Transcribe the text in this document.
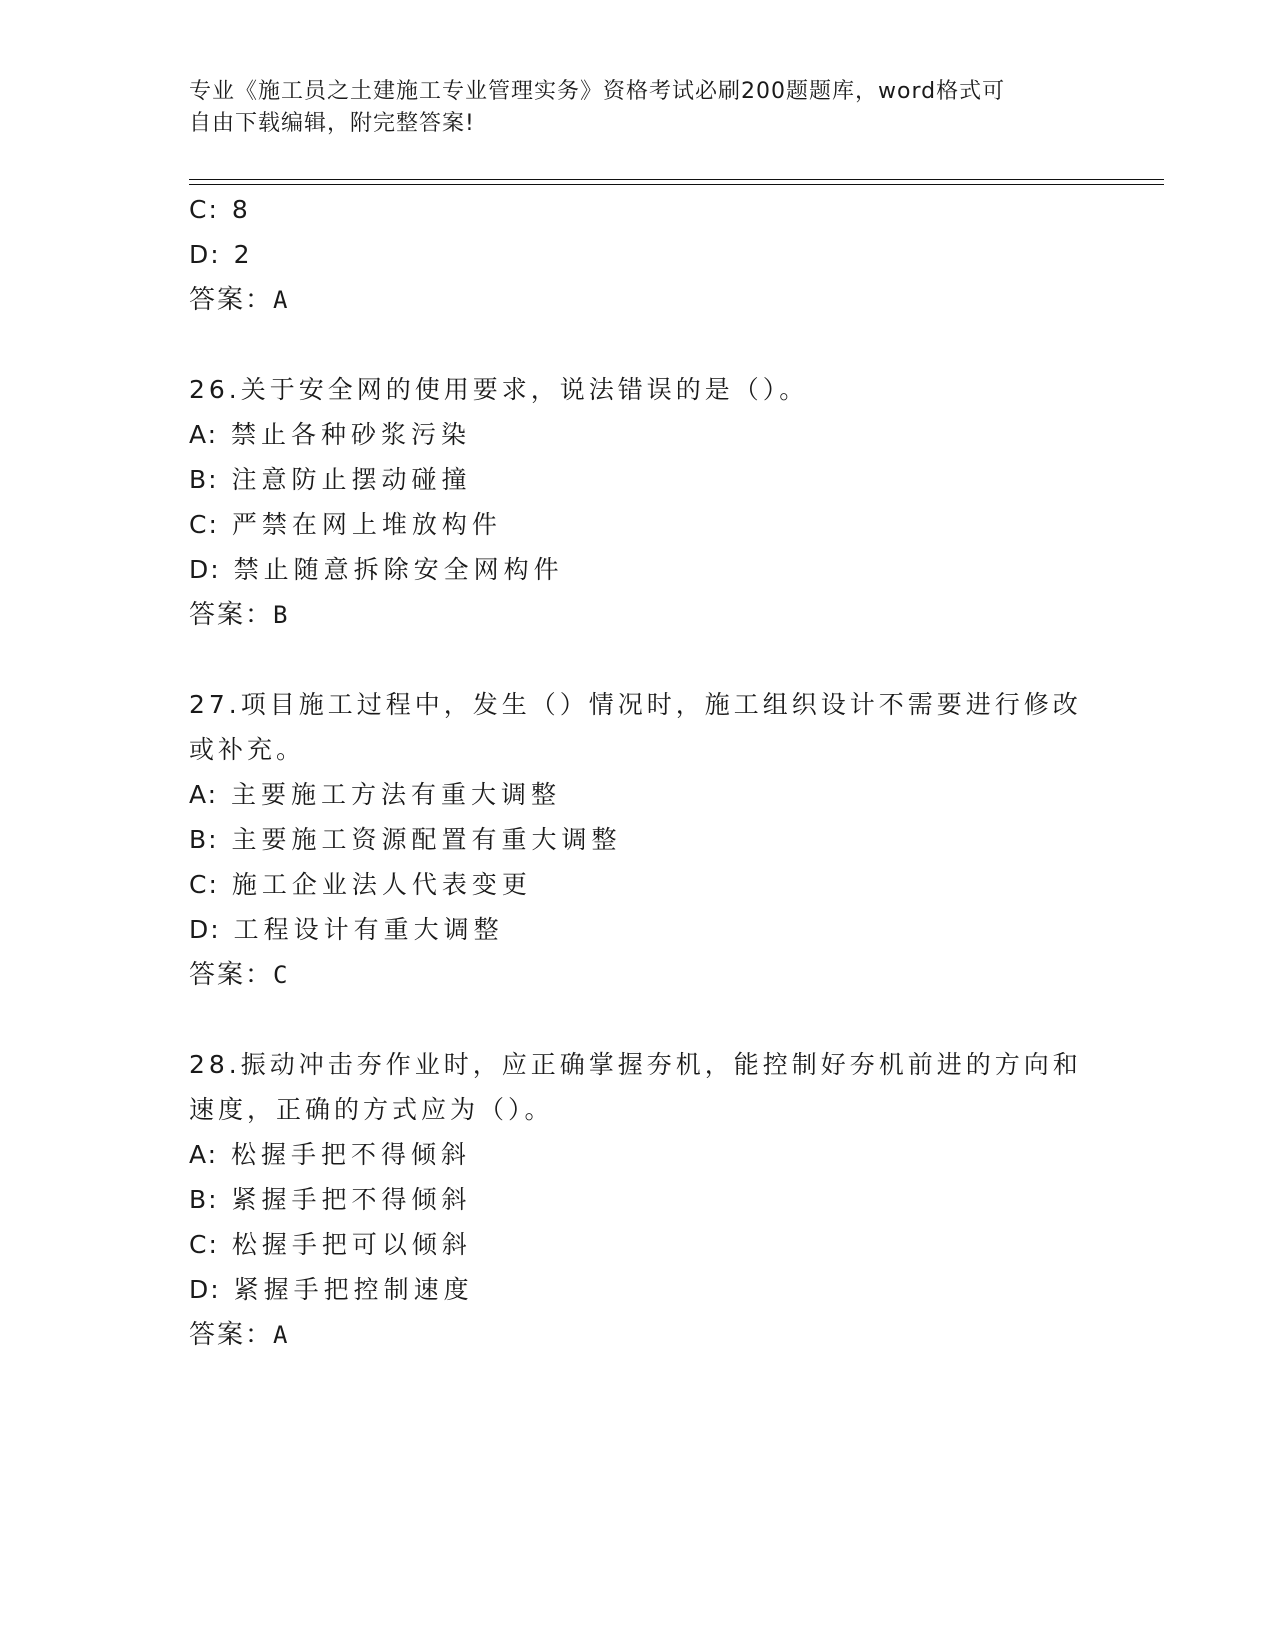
专业《施工员之土建施工专业管理实务》资格考试必刷200题题库，word格式可
自由下载编辑，附完整答案!
C: 8
D: 2
答案：A
26.关于安全网的使用要求，说法错误的是（）。
A: 禁止各种砂浆污染
B: 注意防止摆动碰撞
C: 严禁在网上堆放构件
D: 禁止随意拆除安全网构件
答案：B
27.项目施工过程中，发生（）情况时，施工组织设计不需要进行修改
或补充。
A: 主要施工方法有重大调整
B: 主要施工资源配置有重大调整
C: 施工企业法人代表变更
D: 工程设计有重大调整
答案：C
28.振动冲击夯作业时，应正确掌握夯机，能控制好夯机前进的方向和
速度，正确的方式应为（）。
A: 松握手把不得倾斜
B: 紧握手把不得倾斜
C: 松握手把可以倾斜
D: 紧握手把控制速度
答案：A
